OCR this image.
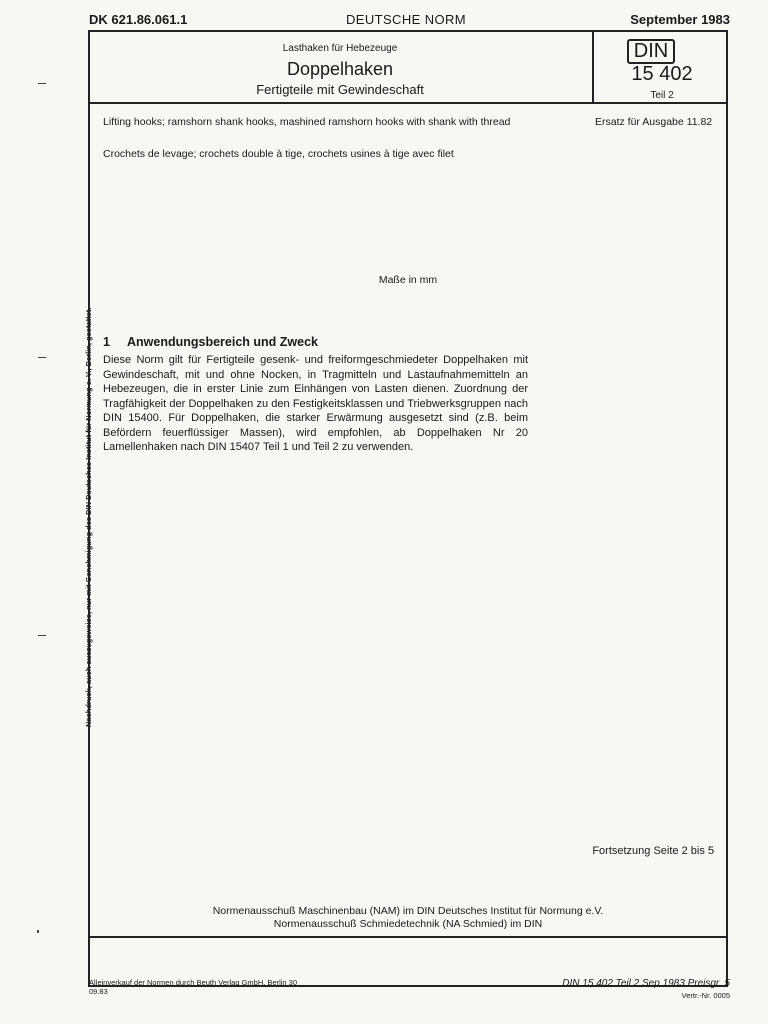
DK 621.86.061.1	DEUTSCHE NORM	September 1983
Nachdruck, auch auszugsweise, nur mit Genehmigung des DIN Deutsches Institut für Normung e. V., Berlin, gestattet.
Lasthaken für Hebezeuge
Doppelhaken
Fertigteile mit Gewindeschaft
DIN
15 402
Teil 2
Lifting hooks; ramshorn shank hooks, mashined ramshorn hooks with shank with thread	Ersatz für Ausgabe 11.82
Crochets de levage; crochets double à tige, crochets usines à tige avec filet
Maße in mm
1 Anwendungsbereich und Zweck
Diese Norm gilt für Fertigteile gesenk- und freiformgeschmiedeter Doppelhaken mit Gewindeschaft, mit und ohne Nocken, in Tragmitteln und Lastaufnahmemitteln an Hebezeugen, die in erster Linie zum Einhängen von Lasten dienen. Zuordnung der Tragfähigkeit der Doppelhaken zu den Festigkeitsklassen und Triebwerksgruppen nach DIN 15400. Für Doppelhaken, die starker Erwärmung ausgesetzt sind (z.B. beim Befördern feuerflüssiger Massen), wird empfohlen, ab Doppelhaken Nr 20 Lamellenhaken nach DIN 15407 Teil 1 und Teil 2 zu verwenden.
Fortsetzung Seite 2 bis 5
Normenausschuß Maschinenbau (NAM) im DIN Deutsches Institut für Normung e.V.
Normenausschuß Schmiedetechnik (NA Schmied) im DIN
Alleinverkauf der Normen durch Beuth Verlag GmbH, Berlin 30
09.83
DIN 15 402 Teil 2 Sep 1983 Preisgr. 5
Vertr.-Nr. 0005
